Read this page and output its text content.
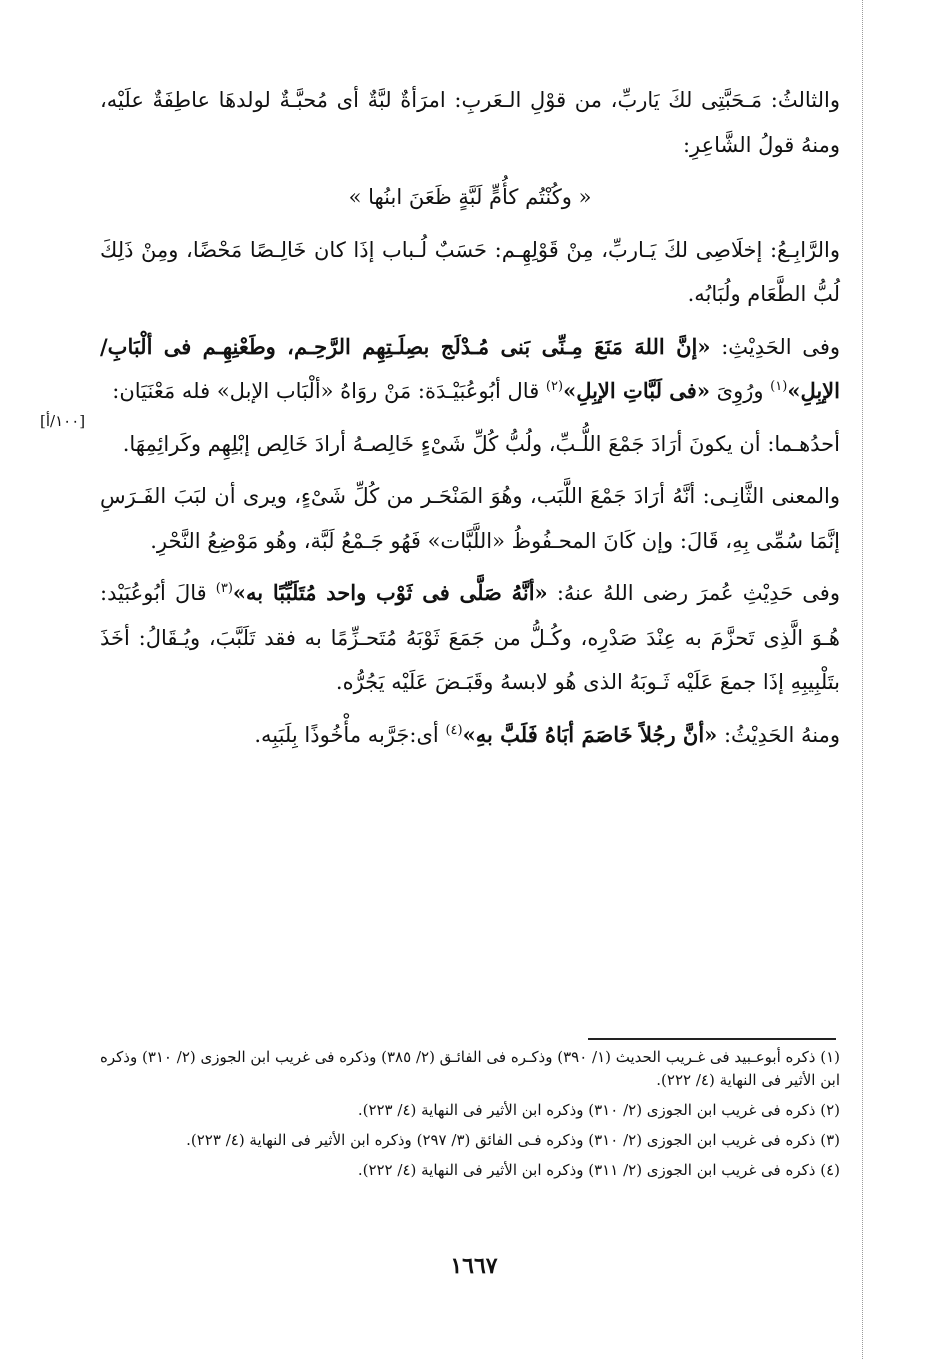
[١٠٠/أ]

والثالثُ: مَـحَبَّتِى لكَ يَاربِّ، من قوْلِ الـعَربِ: امرَأةٌ لبَّةٌ أى مُحبَّـةٌ لولدهَا عاطِفَةٌ علَيْه، ومنهُ قولُ الشَّاعِرِ:

« وكُنْتُم كأُمٍّ لَبَّةٍ ظَعَنَ ابنُها »

والرَّابِـعُ: إخلَاصِى لكَ يَـاربِّ، مِنْ قَوْلِهِـم: حَسَبٌ لُـباب إذَا كان خَالِـصًا مَحْضًا، ومِنْ ذَلِكَ لُبُّ الطَّعَام ولُبَابُه.

وفى الحَدِيْثِ: «إنَّ اللهَ مَنَعَ مِـنِّى بَنى مُـدْلَج بصِلَـتِهِم الرَّحِـم، وطَعْنِهِـم فى ألْبَابِ/ الإبِلِ»$^{(١)}$ ورُوِىَ «فى لَبَّاتِ الإبِلِ»$^{(٢)}$ قال أبُوعُبَيْـدَة: مَنْ روَاهُ «ألْبَاب الإبل» فله مَعْنَيَان:

أحدُهـما: أن يكونَ أرَادَ جَمْعَ اللُّـبِّ، ولُبُّ كُلِّ شَىْءٍ خَالِصـهُ أرادَ خَالِص إبْلِهِم وكَرائِمِهَا.

والمعنى الثَّانِـى: أنَّهُ أرَادَ جَمْعَ اللَّبَب، وهُوَ المَنْحَـر من كُلِّ شَىْءٍ، ويرى أن لبَبَ الفَـرَسِ إنَّمَا سُمِّى بِهِ، قَالَ: وإن كَانَ المحـفُوظُ «اللَّبَّات» فَهُو جَـمْعُ لَبَّة، وهُو مَوْضِعُ النَّحْرِ.

وفى حَدِيْثِ عُمرَ رضى اللهُ عنهُ: «أنَّهُ صَلَّى فى ثَوْب واحد مُتَلَبِّبًا به»$^{(٣)}$ قالَ أبُوعُبَيْد: هُـوَ الَّذِى تَحزَّمَ به عِنْدَ صَدْرِه، وكُـلُّ من جَمَعَ ثَوْبَهُ مُتَحـزِّمًا به فقد تَلَبَّبَ، ويُـقَالُ: أخَذَ بتَلْبِيبِهِ إذَا جمعَ عَلَيْه ثَـوبَهُ الذى هُو لابسهُ وقَبَـضَ عَلَيْه يَجُرُّه.

ومنهُ الحَدِيْثُ: «أنَّ رجُلاً خَاصَمَ أبَاهُ فَلَبَّ بهِ»$^{(٤)}$ أى:جَرَّبه مأْخُوذًا بِلَبَبِه.

(١) ذكره أبوعـبيد فى غـريب الحديث (١/ ٣٩٠) وذكـره فى الفائـق (٢/ ٣٨٥) وذكره فى غريب ابن الجوزى (٢/ ٣١٠) وذكره ابن الأثير فى النهاية (٤/ ٢٢٢).

(٢) ذكره فى غريب ابن الجوزى (٢/ ٣١٠) وذكره ابن الأثير فى النهاية (٤/ ٢٢٣).

(٣) ذكره فى غريب ابن الجوزى (٢/ ٣١٠) وذكره فـى الفائق (٣/ ٢٩٧) وذكره ابن الأثير فى النهاية (٤/ ٢٢٣).

(٤) ذكره فى غريب ابن الجوزى (٢/ ٣١١) وذكره ابن الأثير فى النهاية (٤/ ٢٢٢).

١٦٦٧
